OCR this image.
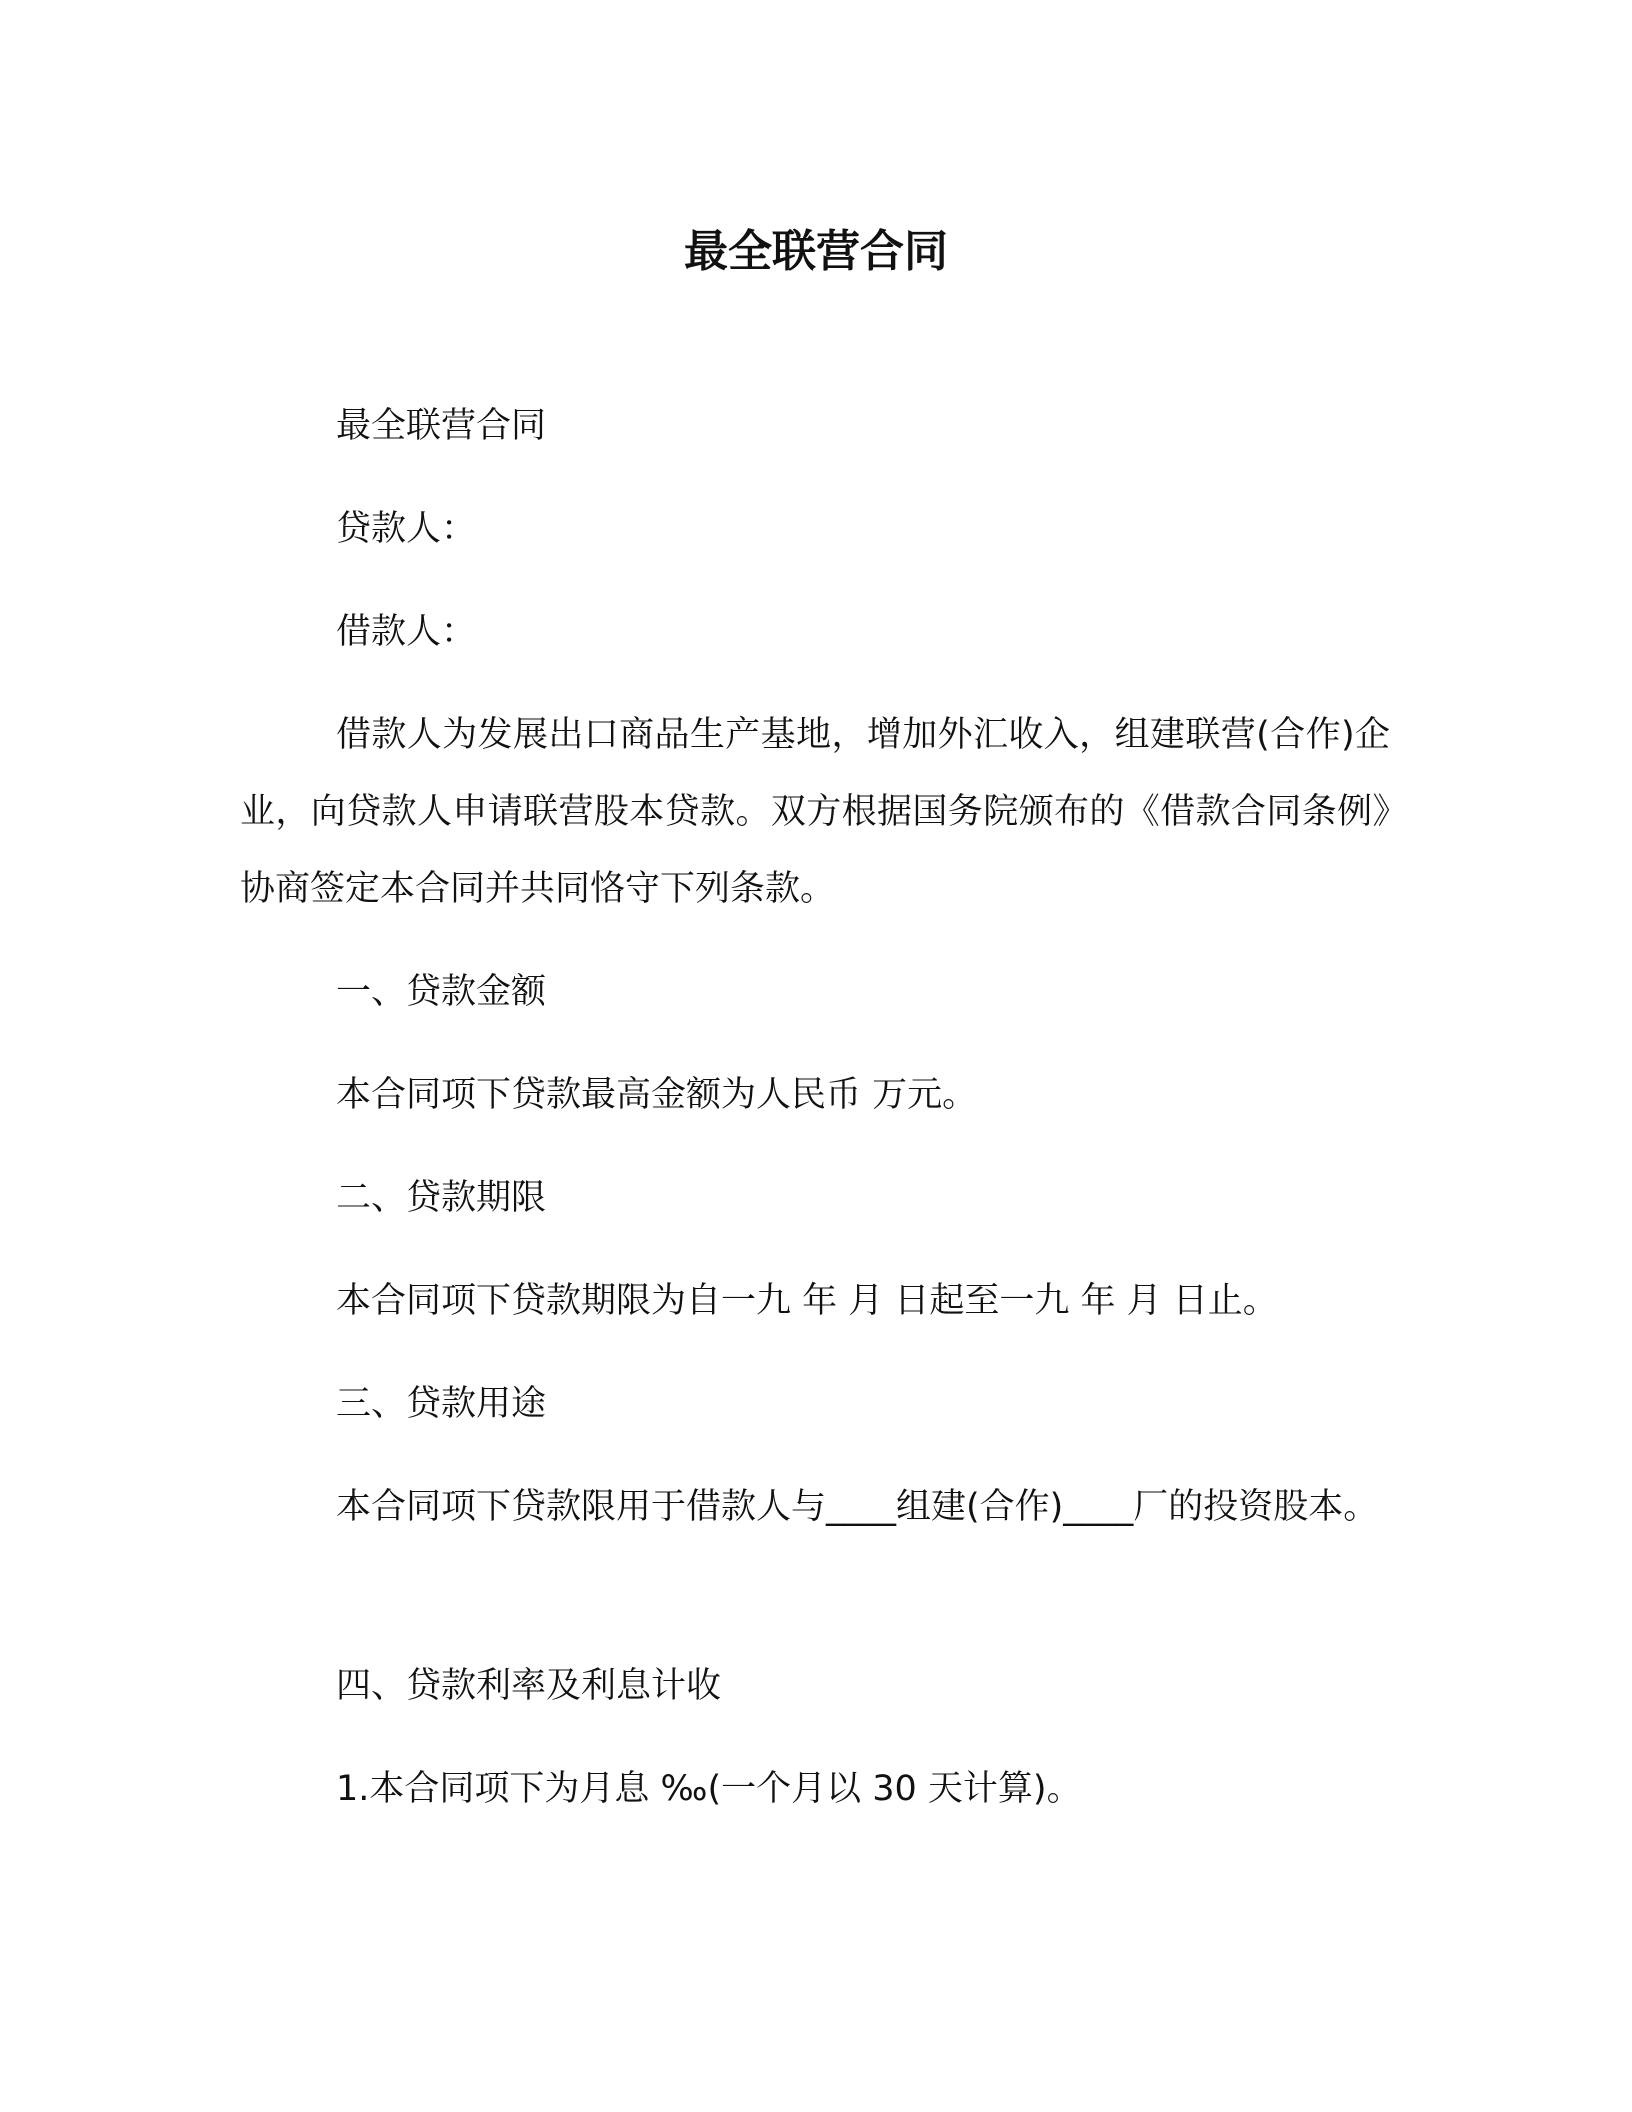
最全联营合同

最全联营合同

贷款人：

借款人：

借款人为发展出口商品生产基地，增加外汇收入，组建联营(合作)企业，向贷款人申请联营股本贷款。双方根据国务院颁布的《借款合同条例》协商签定本合同并共同恪守下列条款。

一、贷款金额

本合同项下贷款最高金额为人民币 万元。

二、贷款期限

本合同项下贷款期限为自一九 年 月 日起至一九 年 月 日止。

三、贷款用途

本合同项下贷款限用于借款人与____组建(合作)____厂的投资股本。

四、贷款利率及利息计收

1.本合同项下为月息 ‰(一个月以 30 天计算)。
